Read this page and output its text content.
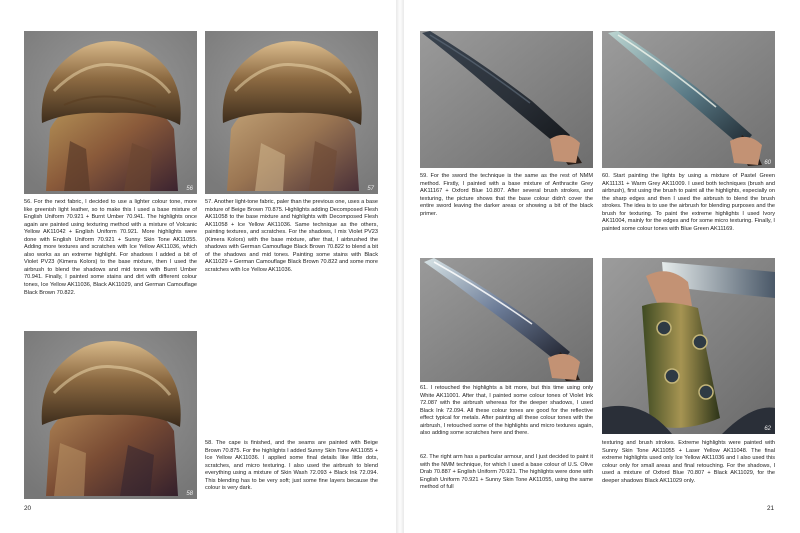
56	57

56. For the next fabric, I decided to use a lighter colour tone, more like greenish light leather, so to make this I used a base mixture of English Uniform 70.921 + Burnt Umber 70.941. The highlights once again are painted using texturing method with a mixture of Volcanic Yellow AK11042 + English Uniform 70.921. More highlights were done with English Uniform 70.921 + Sunny Skin Tone AK11055. Adding more textures and scratches with Ice Yellow AK11036, which also works as an extreme highlight. For shadows I added a bit of Violet PV23 (Kimera Kolors) to the base mixture, then I used the airbrush to blend the shadows and mid tones with Burnt Umber 70.941. Finally, I painted some stains and dirt with different colour tones, Ice Yellow AK11036, Black AK11029, and German Camouflage Black Brown 70.822.

57. Another light-tone fabric, paler than the previous one, uses a base mixture of Beige Brown 70.875. Highlights adding Decomposed Flesh AK11058 to the base mixture and highlights with Decomposed Flesh AK11058 + Ice Yellow AK11036. Same technique as the others, painting textures, and scratches. For the shadows, I mix Violet PV23 (Kimera Kolors) with the base mixture, after that, I airbrushed the shadows with German Camouflage Black Brown 70.822 to blend a bit of the shadows and mid tones. Painting some stains with Black AK11029 + German Camouflage Black Brown 70.822 and some more scratches with Ice Yellow AK11036.

58

58. The cape is finished, and the seams are painted with Beige Brown 70.875. For the highlights I added Sunny Skin Tone AK11055 + Ice Yellow AK11036. I applied some final details like little dots, scratches, and micro texturing. I also used the airbrush to blend everything using a mixture of Skin Wash 72.093 + Black Ink 72.094. This blending has to be very soft; just some fine layers because the colour is very dark.

20
60

59. For the sword the technique is the same as the rest of NMM method. Firstly, I painted with a base mixture of Anthracite Grey AK11167 + Oxford Blue 10.807. After several brush strokes, and texturing, the picture shows that the base colour didn't cover the entire sword leaving the darker areas or showing a bit of the black primer.

60. Start painting the lights by using a mixture of Pastel Green AK11131 + Warm Grey AK11009. I used both techniques (brush and airbrush), first using the brush to paint all the highlights, especially on the sharp edges and then I used the airbrush to blend the brush strokes. The idea is to use the airbrush for blending purposes and the brush for texturing. To paint the extreme highlights I used Ivory AK11004, mainly for the edges and for some micro texturing. Finally, I painted some colour tones with Blue Green AK11169.

62

61. I retouched the highlights a bit more, but this time using only White AK11001. After that, I painted some colour tones of Violet Ink 72.087 with the airbrush whereas for the deeper shadows, I used Black Ink 72.094. All these colour tones are good for the reflective effect typical for metals. After painting all these colour tones with the airbrush, I retouched some of the highlights and micro textures again, also adding some scratches here and there.

62. The right arm has a particular armour, and I just decided to paint it with the NMM technique, for which I used a base colour of U.S. Olive Drab 70.887 + English Uniform 70.921. The highlights were done with English Uniform 70.921 + Sunny Skin Tone AK11055, using the same method of full

texturing and brush strokes. Extreme highlights were painted with Sunny Skin Tone AK11055 + Laser Yellow AK11048. The final extreme highlights used only Ice Yellow AK11036 and I also used this colour only for small areas and final retouching. For the shadows, I used a mixture of Oxford Blue 70.807 + Black AK11029, for the deeper shadows Black AK11029 only.

21
